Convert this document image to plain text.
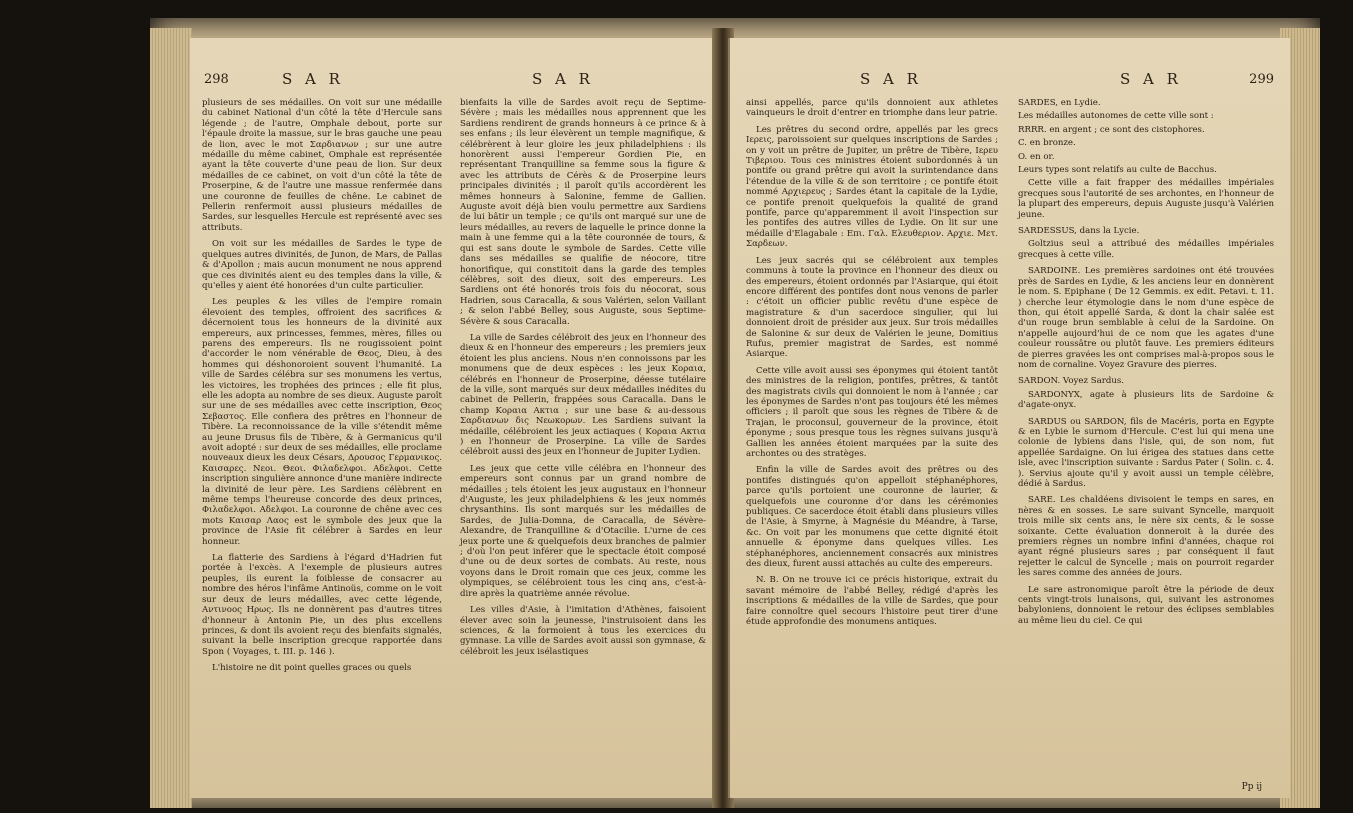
298	S A R	S A R

plusieurs de ses médailles. On voit sur une médaille du cabinet National d'un côté la tête d'Hercule sans légende ; de l'autre, Omphale debout, porte sur l'épaule droite la massue, sur le bras gauche une peau de lion, avec le mot Σαρδιανων ; sur une autre médaille du même cabinet, Omphale est représentée ayant la tête couverte d'une peau de lion. Sur deux médailles de ce cabinet, on voit d'un côté la tête de Proserpine, & de l'autre une massue renfermée dans une couronne de feuilles de chêne. Le cabinet de Pellerin renfermoit aussi plusieurs médailles de Sardes, sur lesquelles Hercule est représenté avec ses attributs.

On voit sur les médailles de Sardes le type de quelques autres divinités, de Junon, de Mars, de Pallas & d'Apollon ; mais aucun monument ne nous apprend que ces divinités aient eu des temples dans la ville, & qu'elles y aient été honorées d'un culte particulier.

Les peuples & les villes de l'empire romain élevoient des temples, offroient des sacrifices & décernoient tous les honneurs de la divinité aux empereurs, aux princesses, femmes, mères, filles ou parens des empereurs. Ils ne rougissoient point d'accorder le nom vénérable de Θεος, Dieu, à des hommes qui déshonoroient souvent l'humanité. La ville de Sardes célébra sur ses monumens les vertus, les victoires, les trophées des princes ; elle fit plus, elle les adopta au nombre de ses dieux. Auguste paroît sur une de ses médailles avec cette inscription, Θεος Σεβαστος. Elle confiera des prêtres en l'honneur de Tibère. La reconnoissance de la ville s'étendit même au jeune Drusus fils de Tibère, & à Germanicus qu'il avoit adopté : sur deux de ses médailles, elle proclame nouveaux dieux les deux Césars, Δρουσος Γερμανικος. Καισαρες. Νεοι. Θεοι. Φιλαδελφοι. Αδελφοι. Cette inscription singulière annonce d'une manière indirecte la divinité de leur père. Les Sardiens célèbrent en même temps l'heureuse concorde des deux princes, Φιλαδελφοι. Αδελφοι. La couronne de chêne avec ces mots Καισαρ Λαος est le symbole des jeux que la province de l'Asie fit célébrer à Sardes en leur honneur.

La flatterie des Sardiens à l'égard d'Hadrien fut portée à l'excès. A l'exemple de plusieurs autres peuples, ils eurent la foiblesse de consacrer au nombre des héros l'infâme Antinoüs, comme on le voit sur deux de leurs médailles, avec cette légende, Αντινοος Ηρως. Ils ne donnèrent pas d'autres titres d'honneur à Antonin Pie, un des plus excellens princes, & dont ils avoient reçu des bienfaits signalés, suivant la belle inscription grecque rapportée dans Spon ( Voyages, t. III. p. 146 ).

L'histoire ne dit point quelles graces ou quels

bienfaits la ville de Sardes avoit reçu de Septime-Sévère ; mais les médailles nous apprennent que les Sardiens rendirent de grands honneurs à ce prince & à ses enfans ; ils leur élevèrent un temple magnifique, & célébrèrent à leur gloire les jeux philadelphiens : ils honorèrent aussi l'empereur Gordien Pie, en représentant Tranquilline sa femme sous la figure & avec les attributs de Cérès & de Proserpine leurs principales divinités ; il paroît qu'ils accordèrent les mêmes honneurs à Salonine, femme de Gallien. Auguste avoit déjà bien voulu permettre aux Sardiens de lui bâtir un temple ; ce qu'ils ont marqué sur une de leurs médailles, au revers de laquelle le prince donne la main à une femme qui a la tête couronnée de tours, & qui est sans doute le symbole de Sardes. Cette ville dans ses médailles se qualifie de néocore, titre honorifique, qui constitoit dans la garde des temples célèbres, soit des dieux, soit des empereurs. Les Sardiens ont été honorés trois fois du néocorat, sous Hadrien, sous Caracalla, & sous Valérien, selon Vaillant ; & selon l'abbé Belley, sous Auguste, sous Septime-Sévère & sous Caracalla.

La ville de Sardes célébroit des jeux en l'honneur des dieux & en l'honneur des empereurs ; les premiers jeux étoient les plus anciens. Nous n'en connoissons par les monumens que de deux espèces : les jeux Κοραια, célébrés en l'honneur de Proserpine, déesse tutélaire de la ville, sont marqués sur deux médailles inédites du cabinet de Pellerin, frappées sous Caracalla. Dans le champ Κοραια Ακτια ; sur une base & au-dessous Σαρδιανων δις Νεωκορων. Les Sardiens suivant la médaille, célébroient les jeux actiaques ( Κοραια Ακτια ) en l'honneur de Proserpine. La ville de Sardes célébroit aussi des jeux en l'honneur de Jupiter Lydien.

Les jeux que cette ville célébra en l'honneur des empereurs sont connus par un grand nombre de médailles ; tels étoient les jeux augustaux en l'honneur d'Auguste, les jeux philadelphiens & les jeux nommés chrysanthins. Ils sont marqués sur les médailles de Sardes, de Julia-Domna, de Caracalla, de Sévère-Alexandre, de Tranquilline & d'Otacilie. L'urne de ces jeux porte une & quelquefois deux branches de palmier ; d'où l'on peut inférer que le spectacle étoit composé d'une ou de deux sortes de combats. Au reste, nous voyons dans le Droit romain que ces jeux, comme les olympiques, se célébroient tous les cinq ans, c'est-à-dire après la quatrième année révolue.

Les villes d'Asie, à l'imitation d'Athènes, faisoient élever avec soin la jeunesse, l'instruisoient dans les sciences, & la formoient à tous les exercices du gymnase. La ville de Sardes avoit aussi son gymnase, & célébroit les jeux isélastiques

S A R	S A R	299

ainsi appellés, parce qu'ils donnoient aux athletes vainqueurs le droit d'entrer en triomphe dans leur patrie.

Les prêtres du second ordre, appellés par les grecs Ιερεις, paroissoient sur quelques inscriptions de Sardes ; on y voit un prêtre de Jupiter, un prêtre de Tibère, Ιερευ Τιβεριου. Tous ces ministres étoient subordonnés à un pontife ou grand prêtre qui avoit la surintendance dans l'étendue de la ville & de son territoire ; ce pontife étoit nommé Αρχιερευς ; Sardes étant la capitale de la Lydie, ce pontife prenoit quelquefois la qualité de grand pontife, parce qu'apparemment il avoit l'inspection sur les pontifes des autres villes de Lydie. On lit sur une médaille d'Elagabale : Επι. Γαλ. Ελευθεριον. Αρχιε. Μετ. Σαρδεων.

Les jeux sacrés qui se célébroient aux temples communs à toute la province en l'honneur des dieux ou des empereurs, étoient ordonnés par l'Asiarque, qui étoit encore différent des pontifes dont nous venons de parler : c'étoit un officier public revêtu d'une espèce de magistrature & d'un sacerdoce singulier, qui lui donnoient droit de présider aux jeux. Sur trois médailles de Salonine & sur deux de Valérien le jeune, Domitius Rufus, premier magistrat de Sardes, est nommé Asiarque.

Cette ville avoit aussi ses éponymes qui étoient tantôt des ministres de la religion, pontifes, prêtres, & tantôt des magistrats civils qui donnoient le nom à l'année ; car les éponymes de Sardes n'ont pas toujours été les mêmes officiers ; il paroît que sous les règnes de Tibère & de Trajan, le proconsul, gouverneur de la province, étoit éponyme ; sous presque tous les règnes suivans jusqu'à Gallien les années étoient marquées par la suite des archontes ou des stratèges.

Enfin la ville de Sardes avoit des prêtres ou des pontifes distingués qu'on appelloit stéphanéphores, parce qu'ils portoient une couronne de laurier, & quelquefois une couronne d'or dans les cérémonies publiques. Ce sacerdoce étoit établi dans plusieurs villes de l'Asie, à Smyrne, à Magnésie du Méandre, à Tarse, &c. On voit par les monumens que cette dignité étoit annuelle & éponyme dans quelques villes. Les stéphanéphores, anciennement consacrés aux ministres des dieux, furent aussi attachés au culte des empereurs.

N. B. On ne trouve ici ce précis historique, extrait du savant mémoire de l'abbé Belley, rédigé d'après les inscriptions & médailles de la ville de Sardes, que pour faire connoître quel secours l'histoire peut tirer d'une étude approfondie des monumens antiques.

SARDES, en Lydie.

Les médailles autonomes de cette ville sont :

RRRR. en argent ; ce sont des cistophores.

C. en bronze.

O. en or.

Leurs types sont relatifs au culte de Bacchus.

Cette ville a fait frapper des médailles impériales grecques sous l'autorité de ses archontes, en l'honneur de la plupart des empereurs, depuis Auguste jusqu'à Valérien jeune.

SARDESSUS, dans la Lycie.

Goltzius seul a attribué des médailles impériales grecques à cette ville.

SARDOINE. Les premières sardoines ont été trouvées près de Sardes en Lydie, & les anciens leur en donnèrent le nom. S. Epiphane ( De 12 Gemmis. ex edit. Petavi. t. 11. ) cherche leur étymologie dans le nom d'une espèce de thon, qui étoit appellé Sarda, & dont la chair salée est d'un rouge brun semblable à celui de la Sardoine. On n'appelle aujourd'hui de ce nom que les agates d'une couleur roussâtre ou plutôt fauve. Les premiers éditeurs de pierres gravées les ont comprises mal-à-propos sous le nom de cornaline. Voyez Gravure des pierres.

SARDON. Voyez Sardus.

SARDONYX, agate à plusieurs lits de Sardoine & d'agate-onyx.

SARDUS ou SARDON, fils de Macéris, porta en Egypte & en Lybie le surnom d'Hercule. C'est lui qui mena une colonie de lybiens dans l'isle, qui, de son nom, fut appellée Sardaigne. On lui érigea des statues dans cette isle, avec l'inscription suivante : Sardus Pater ( Solin. c. 4. ). Servius ajoute qu'il y avoit aussi un temple célèbre, dédié à Sardus.

SARE. Les chaldéens divisoient le temps en sares, en nères & en sosses. Le sare suivant Syncelle, marquoit trois mille six cents ans, le nère six cents, & le sosse soixante. Cette évaluation donneroit à la durée des premiers règnes un nombre infini d'années, chaque roi ayant régné plusieurs sares ; par conséquent il faut rejetter le calcul de Syncelle ; mais on pourroit regarder les sares comme des années de jours.

Le sare astronomique paroît être la période de deux cents vingt-trois lunaisons, qui, suivant les astronomes babyloniens, donnoient le retour des éclipses semblables au même lieu du ciel. Ce qui

Pp ij
